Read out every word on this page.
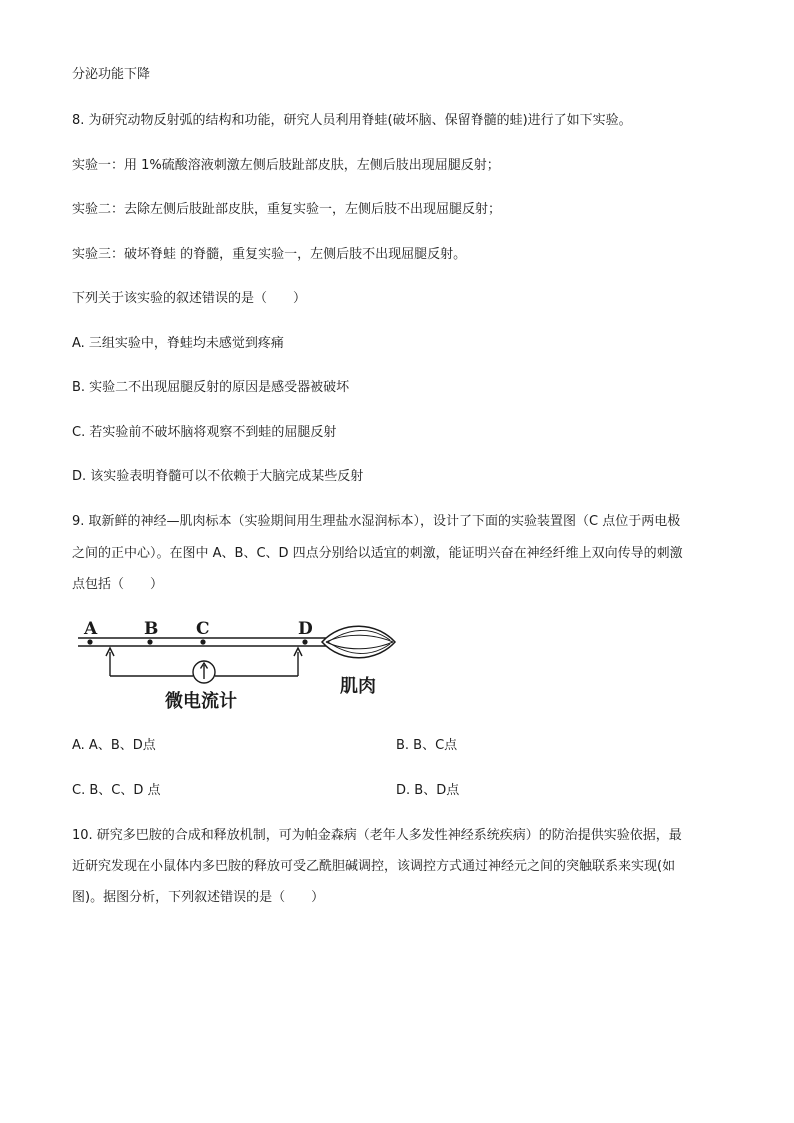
分泌功能下降
8. 为研究动物反射弧的结构和功能，研究人员利用脊蛙(破坏脑、保留脊髓的蛙)进行了如下实验。
实验一：用 1%硫酸溶液刺激左侧后肢趾部皮肤，左侧后肢出现屈腿反射；
实验二：去除左侧后肢趾部皮肤，重复实验一，左侧后肢不出现屈腿反射；
实验三：破坏脊蛙 的脊髓，重复实验一，左侧后肢不出现屈腿反射。
下列关于该实验的叙述错误的是（　　）
A. 三组实验中，脊蛙均未感觉到疼痛
B. 实验二不出现屈腿反射的原因是感受器被破坏
C. 若实验前不破坏脑将观察不到蛙的屈腿反射
D. 该实验表明脊髓可以不依赖于大脑完成某些反射
9. 取新鲜的神经—肌肉标本（实验期间用生理盐水湿润标本），设计了下面的实验装置图（C 点位于两电极
之间的正中心）。在图中 A、B、C、D 四点分别给以适宜的刺激，能证明兴奋在神经纤维上双向传导的刺激
点包括（　　）
A	B C	D
微电流计
肌肉
A. A、B、D点	B. B、C点
C. B、C、D 点	D. B、D点
10. 研究多巴胺的合成和释放机制，可为帕金森病（老年人多发性神经系统疾病）的防治提供实验依据，最
近研究发现在小鼠体内多巴胺的释放可受乙酰胆碱调控，该调控方式通过神经元之间的突触联系来实现(如
图)。据图分析，下列叙述错误的是（　　）
